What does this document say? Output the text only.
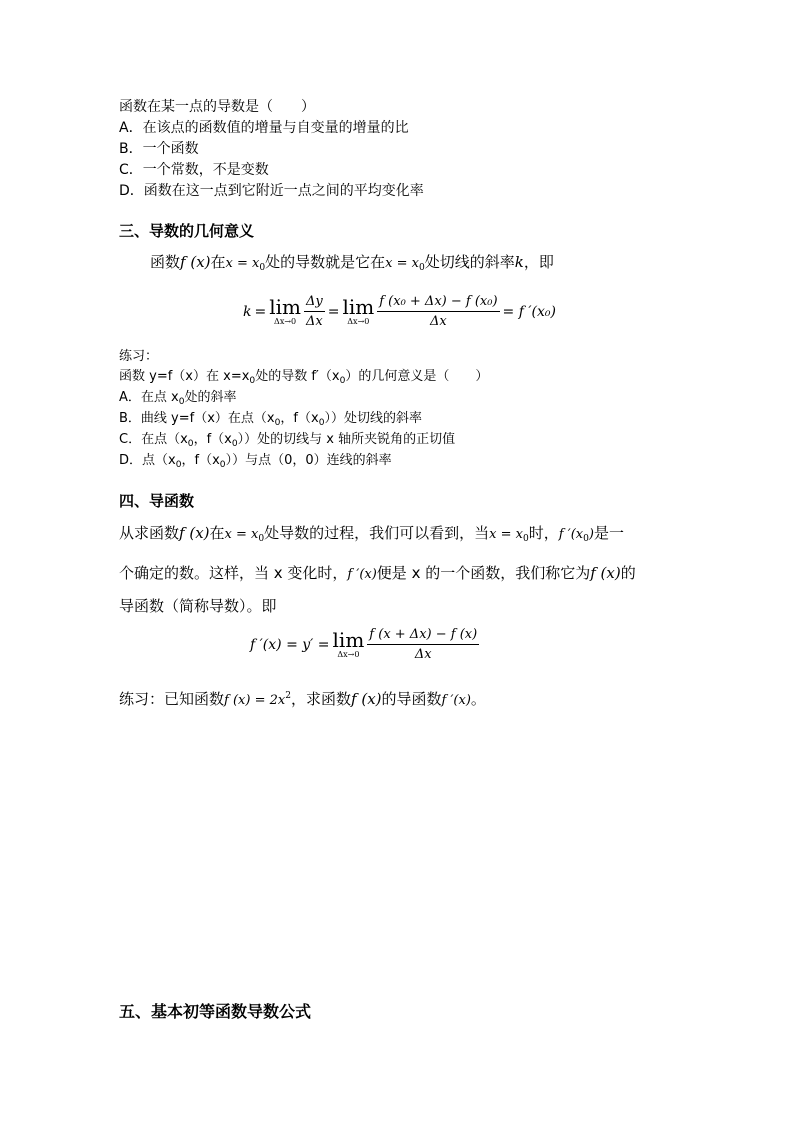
函数在某一点的导数是（　　）
A．在该点的函数值的增量与自变量的增量的比
B．一个函数
C．一个常数，不是变数
D．函数在这一点到它附近一点之间的平均变化率
三、导数的几何意义
函数f (x)在$x = x_0$处的导数就是它在$x = x_0$处切线的斜率k，即
k = lim
$\Delta x\to 0 \frac{\Delta y}{\Delta x} = \lim$
$\Delta x\to 0 \frac{\text{f (x₀ + Δx) − f (x₀)}}{\Delta x} = f$ ′(x₀)
练习：
函数 y=f（x）在 $x=x_0$处的导数 $f'(x_0)$的几何意义是（　　）
A．在点 $x_0$处的斜率
B．曲线 y=f（x）在点（$x_0$，$f(x_0)$）处切线的斜率
C．在点（$x_0$，$f(x_0)$）处的切线与 x 轴所夹锐角的正切值
D．点（$x_0$，$f(x_0)$）与点（0，0）连线的斜率
四、导函数
从求函数f (x)在$x = x_0$处导数的过程，我们可以看到，当$x = x_0$时，f $'(x_0)$是一
个确定的数。这样，当 x 变化时，f ′(x)便是 x 的一个函数，我们称它为f (x)的
导函数（简称导数）。即
f ′(x) = y′ = lim
$\Delta x\to 0 \frac{f (x + \Delta x) - f (x)}{\Delta x}$
练习：已知函数f $(x) = 2x^2$，求函数f (x)的导函数f ′(x)。
五、基本初等函数导数公式
